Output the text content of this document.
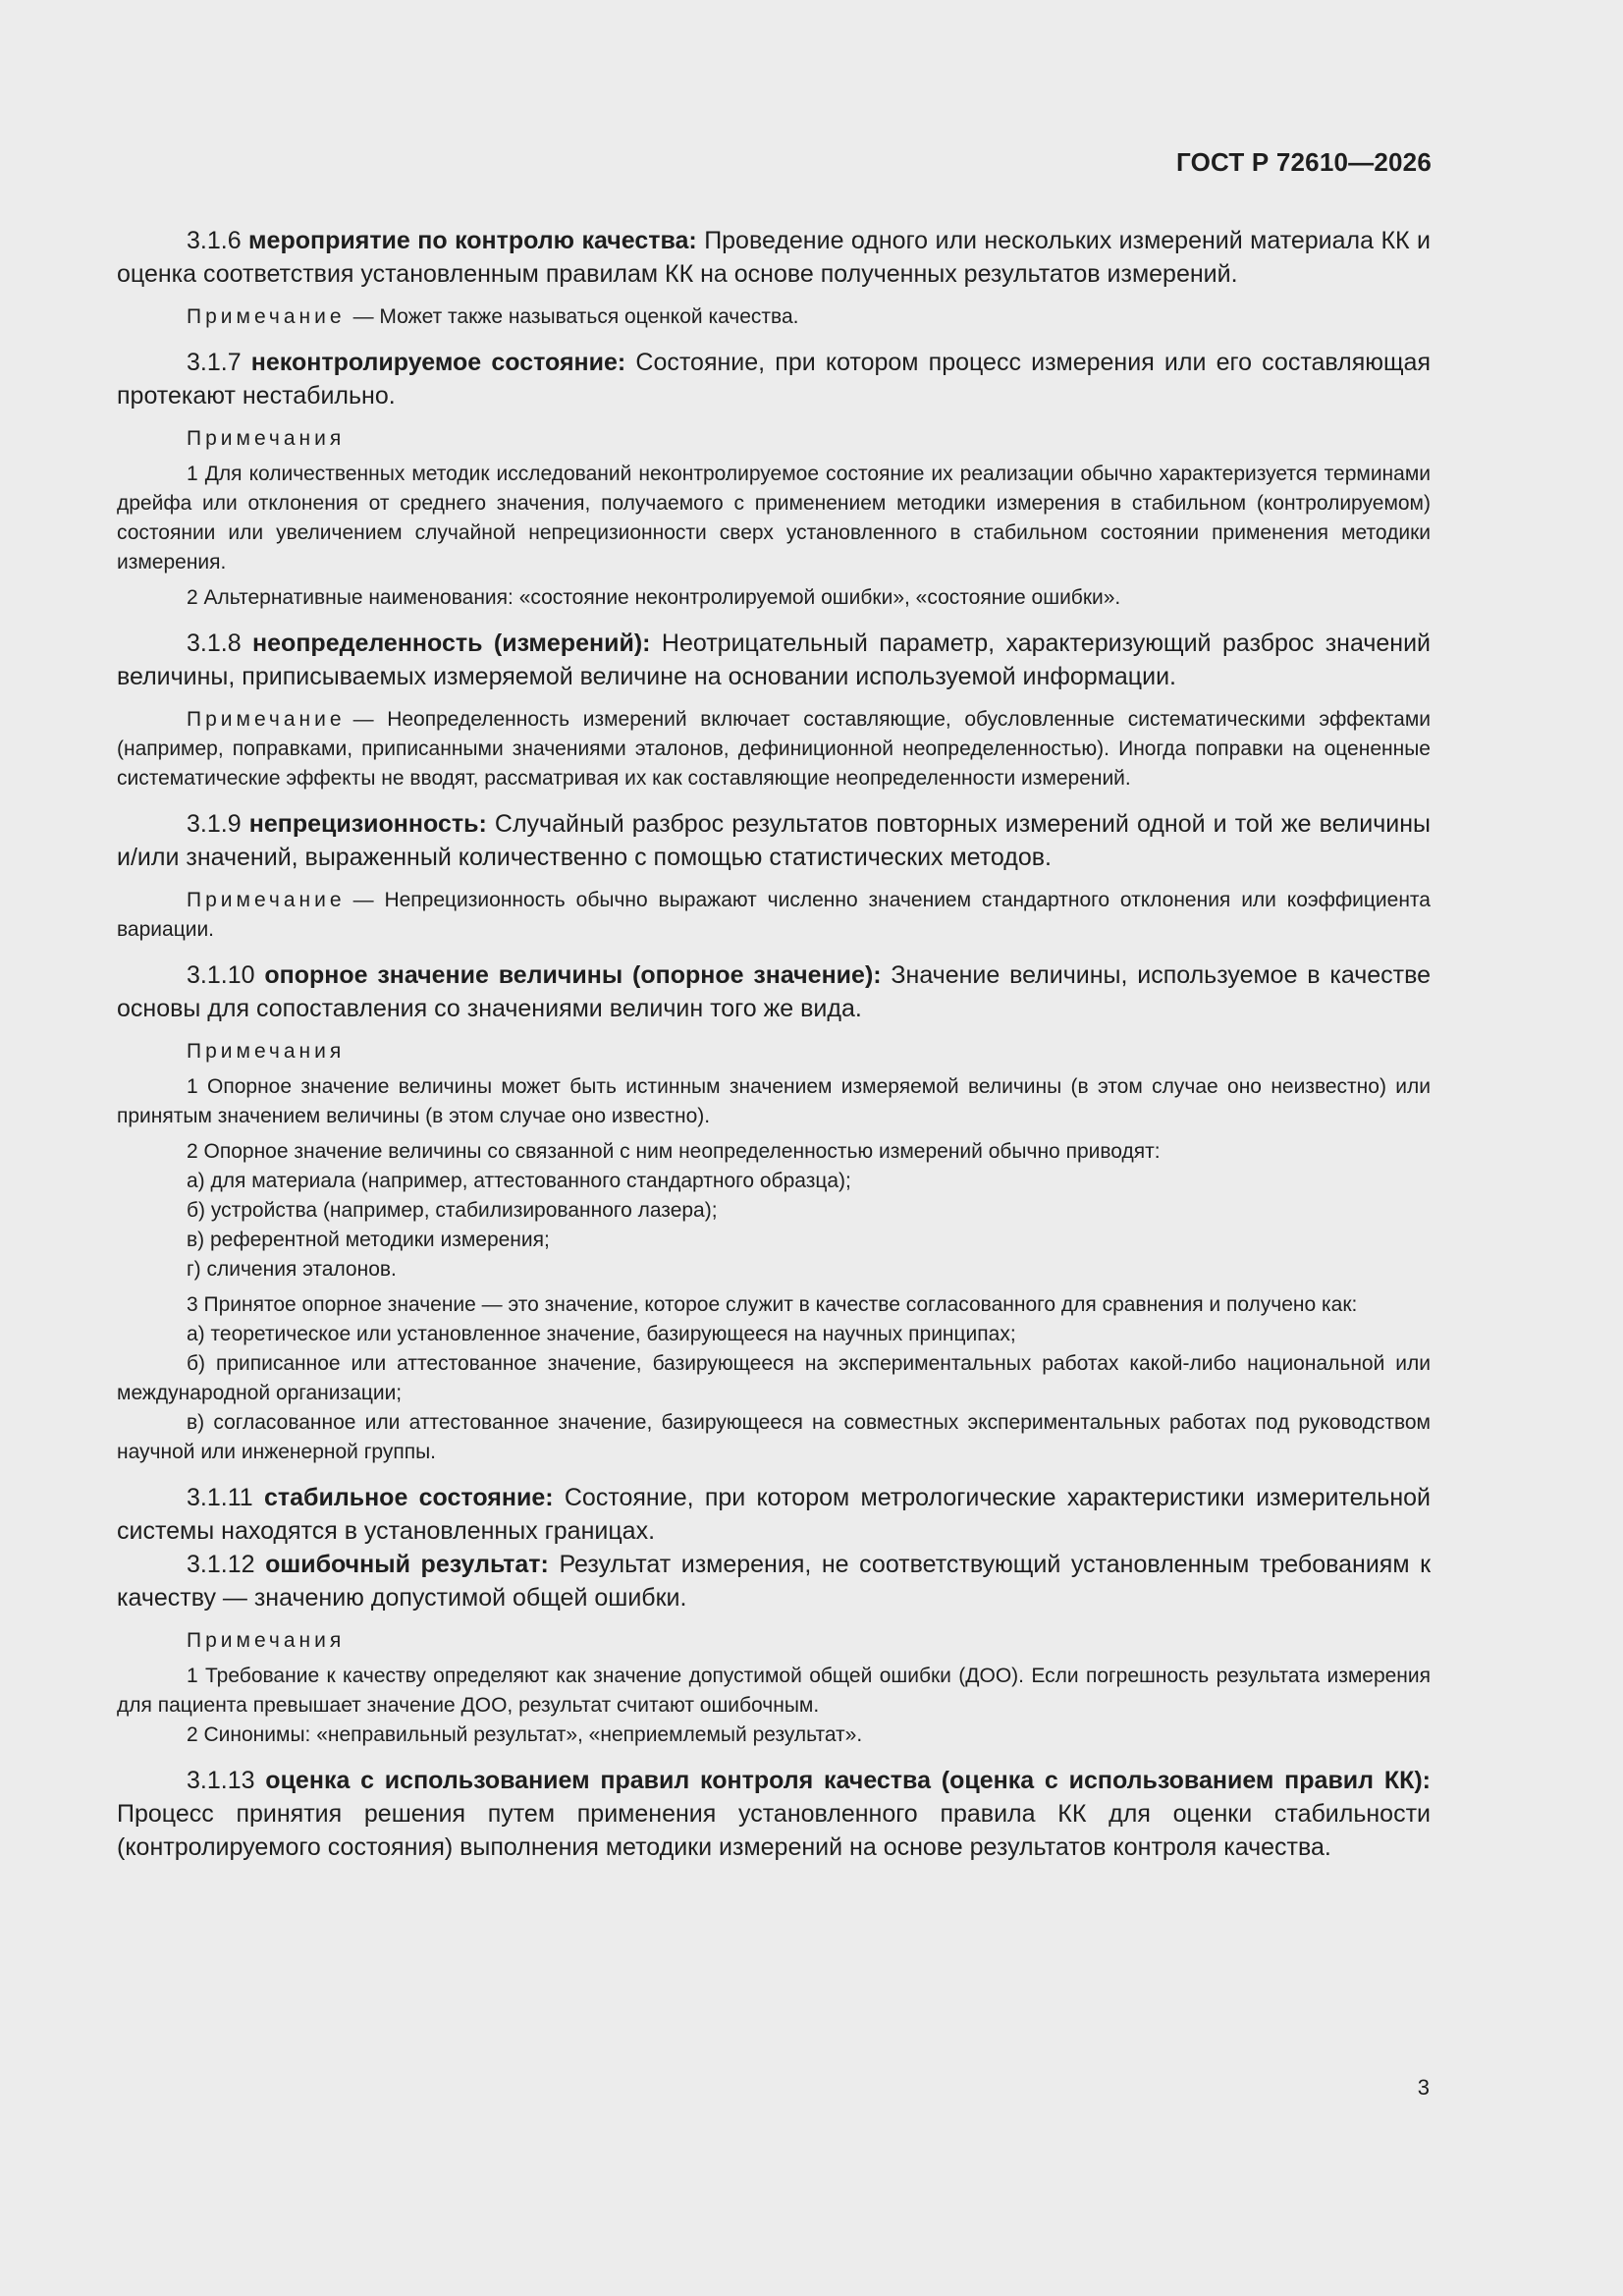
ГОСТ Р 72610—2026

3.1.6 мероприятие по контролю качества: Проведение одного или нескольких измерений материала КК и оценка соответствия установленным правилам КК на основе полученных результатов измерений.

Примечание — Может также называться оценкой качества.

3.1.7 неконтролируемое состояние: Состояние, при котором процесс измерения или его составляющая протекают нестабильно.

Примечания

1 Для количественных методик исследований неконтролируемое состояние их реализации обычно характеризуется терминами дрейфа или отклонения от среднего значения, получаемого с применением методики измерения в стабильном (контролируемом) состоянии или увеличением случайной непрецизионности сверх установленного в стабильном состоянии применения методики измерения.

2 Альтернативные наименования: «состояние неконтролируемой ошибки», «состояние ошибки».

3.1.8 неопределенность (измерений): Неотрицательный параметр, характеризующий разброс значений величины, приписываемых измеряемой величине на основании используемой информации.

Примечание — Неопределенность измерений включает составляющие, обусловленные систематическими эффектами (например, поправками, приписанными значениями эталонов, дефиниционной неопределенностью). Иногда поправки на оцененные систематические эффекты не вводят, рассматривая их как составляющие неопределенности измерений.

3.1.9 непрецизионность: Случайный разброс результатов повторных измерений одной и той же величины и/или значений, выраженный количественно с помощью статистических методов.

Примечание — Непрецизионность обычно выражают численно значением стандартного отклонения или коэффициента вариации.

3.1.10 опорное значение величины (опорное значение): Значение величины, используемое в качестве основы для сопоставления со значениями величин того же вида.

Примечания

1 Опорное значение величины может быть истинным значением измеряемой величины (в этом случае оно неизвестно) или принятым значением величины (в этом случае оно известно).

2 Опорное значение величины со связанной с ним неопределенностью измерений обычно приводят:

а) для материала (например, аттестованного стандартного образца);

б) устройства (например, стабилизированного лазера);

в) референтной методики измерения;

г) сличения эталонов.

3 Принятое опорное значение — это значение, которое служит в качестве согласованного для сравнения и получено как:

а) теоретическое или установленное значение, базирующееся на научных принципах;

б) приписанное или аттестованное значение, базирующееся на экспериментальных работах какой-либо национальной или международной организации;

в) согласованное или аттестованное значение, базирующееся на совместных экспериментальных работах под руководством научной или инженерной группы.

3.1.11 стабильное состояние: Состояние, при котором метрологические характеристики измерительной системы находятся в установленных границах.

3.1.12 ошибочный результат: Результат измерения, не соответствующий установленным требованиям к качеству — значению допустимой общей ошибки.

Примечания

1 Требование к качеству определяют как значение допустимой общей ошибки (ДОО). Если погрешность результата измерения для пациента превышает значение ДОО, результат считают ошибочным.

2 Синонимы: «неправильный результат», «неприемлемый результат».

3.1.13 оценка с использованием правил контроля качества (оценка с использованием правил КК): Процесс принятия решения путем применения установленного правила КК для оценки стабильности (контролируемого состояния) выполнения методики измерений на основе результатов контроля качества.

3
